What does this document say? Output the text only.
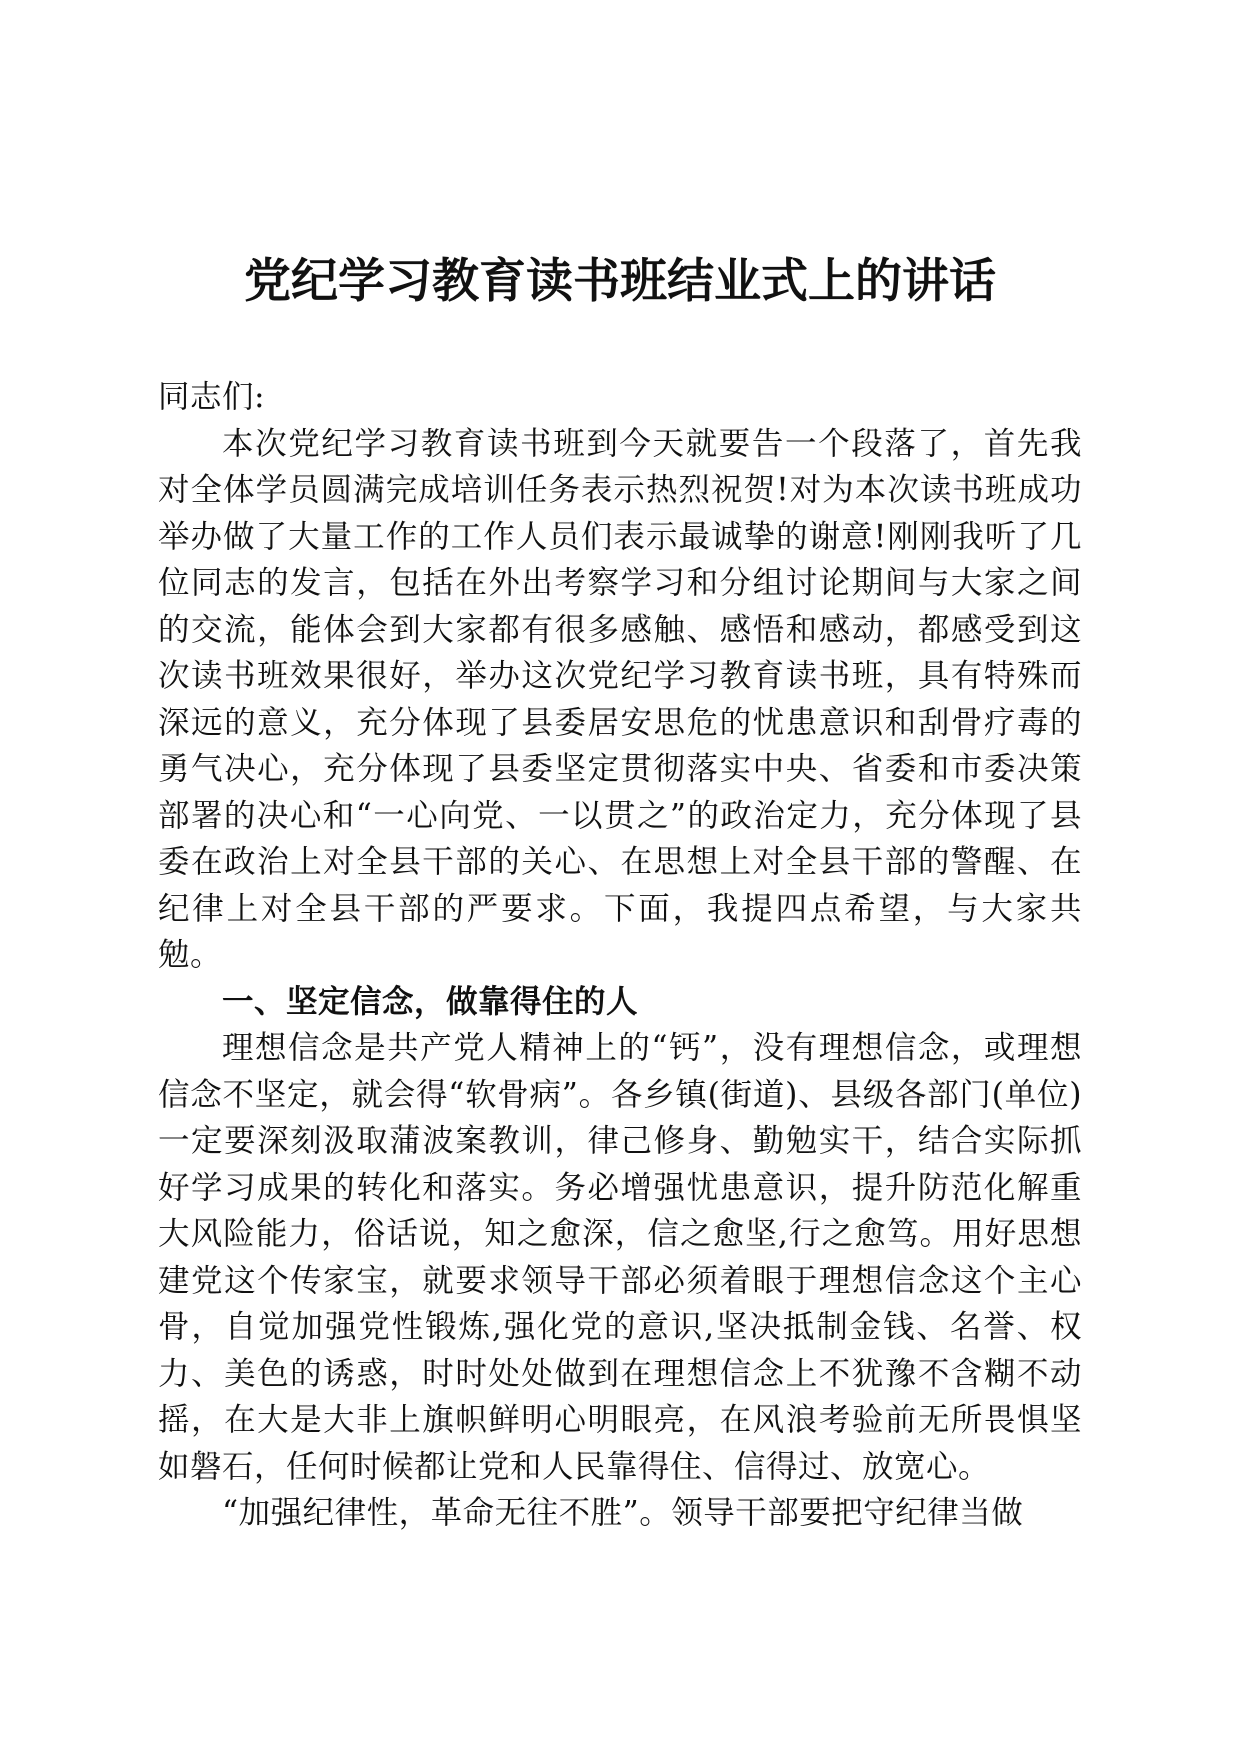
党纪学习教育读书班结业式上的讲话

同志们:

本次党纪学习教育读书班到今天就要告一个段落了，首先我对全体学员圆满完成培训任务表示热烈祝贺!对为本次读书班成功举办做了大量工作的工作人员们表示最诚挚的谢意!刚刚我听了几位同志的发言，包括在外出考察学习和分组讨论期间与大家之间的交流，能体会到大家都有很多感触、感悟和感动，都感受到这次读书班效果很好，举办这次党纪学习教育读书班，具有特殊而深远的意义，充分体现了县委居安思危的忧患意识和刮骨疗毒的勇气决心，充分体现了县委坚定贯彻落实中央、省委和市委决策部署的决心和“一心向党、一以贯之”的政治定力，充分体现了县委在政治上对全县干部的关心、在思想上对全县干部的警醒、在纪律上对全县干部的严要求。下面，我提四点希望，与大家共勉。

一、坚定信念，做靠得住的人

理想信念是共产党人精神上的“钙”，没有理想信念，或理想信念不坚定，就会得“软骨病”。各乡镇(街道)、县级各部门(单位)一定要深刻汲取蒲波案教训，律己修身、勤勉实干，结合实际抓好学习成果的转化和落实。务必增强忧患意识，提升防范化解重大风险能力，俗话说，知之愈深，信之愈坚,行之愈笃。用好思想建党这个传家宝，就要求领导干部必须着眼于理想信念这个主心骨，自觉加强党性锻炼,强化党的意识,坚决抵制金钱、名誉、权力、美色的诱惑，时时处处做到在理想信念上不犹豫不含糊不动摇，在大是大非上旗帜鲜明心明眼亮，在风浪考验前无所畏惧坚如磐石，任何时候都让党和人民靠得住、信得过、放宽心。

“加强纪律性，革命无往不胜”。领导干部要把守纪律当做
